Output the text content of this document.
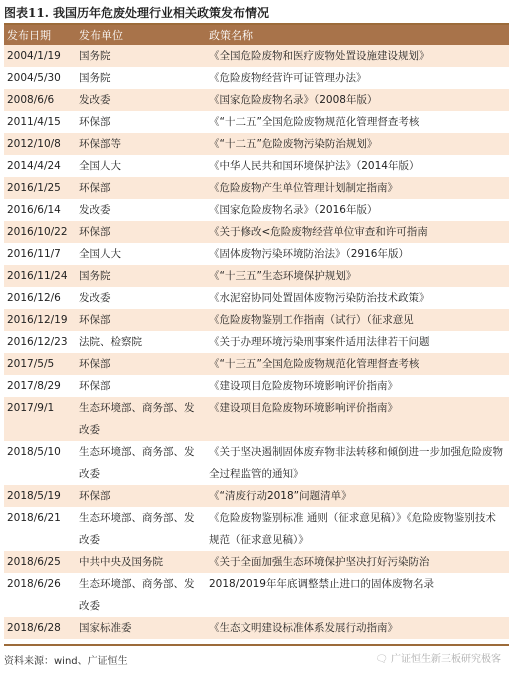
图表11. 我国历年危废处理行业相关政策发布情况
发布日期	发布单位	政策名称
2004/1/19	国务院	《全国危险废物和医疗废物处置设施建设规划》
2004/5/30	国务院	《危险废物经营许可证管理办法》
2008/6/6	发改委	《国家危险废物名录》（2008年版）
2011/4/15	环保部	《“十二五”全国危险废物规范化管理督查考核
2012/10/8	环保部等	《“十二五”危险废物污染防治规划》
2014/4/24	全国人大	《中华人民共和国环境保护法》（2014年版）
2016/1/25	环保部	《危险废物产生单位管理计划制定指南》
2016/6/14	发改委	《国家危险废物名录》（2016年版）
2016/10/22	环保部	《关于修改<危险废物经营单位审查和许可指南
2016/11/7	全国人大	《固体废物污染环境防治法》（2916年版）
2016/11/24	国务院	《“十三五”生态环境保护规划》
2016/12/6	发改委	《水泥窑协同处置固体废物污染防治技术政策》
2016/12/19	环保部	《危险废物鉴别工作指南（试行）（征求意见
2016/12/23	法院、检察院	《关于办理环境污染刑事案件适用法律若干问题
2017/5/5	环保部	《“十三五”全国危险废物规范化管理督查考核
2017/8/29	环保部	《建设项目危险废物环境影响评价指南》
2017/9/1	生态环境部、商务部、发改委	《建设项目危险废物环境影响评价指南》
2018/5/10	生态环境部、商务部、发改委	《关于坚决遏制固体废弃物非法转移和倾倒进一步加强危险废物全过程监管的通知》
2018/5/19	环保部	《“清废行动2018”问题清单》
2018/6/21	生态环境部、商务部、发改委	《危险废物鉴别标准 通则（征求意见稿）》《危险废物鉴别技术规范（征求意见稿）》
2018/6/25	中共中央及国务院	《关于全面加强生态环境保护坚决打好污染防治
2018/6/26	生态环境部、商务部、发改委	2018/2019年年底调整禁止进口的固体废物名录
2018/6/28	国家标准委	《生态文明建设标准体系发展行动指南》
资料来源：wind、广证恒生	🗨 广证恒生新三板研究极客
